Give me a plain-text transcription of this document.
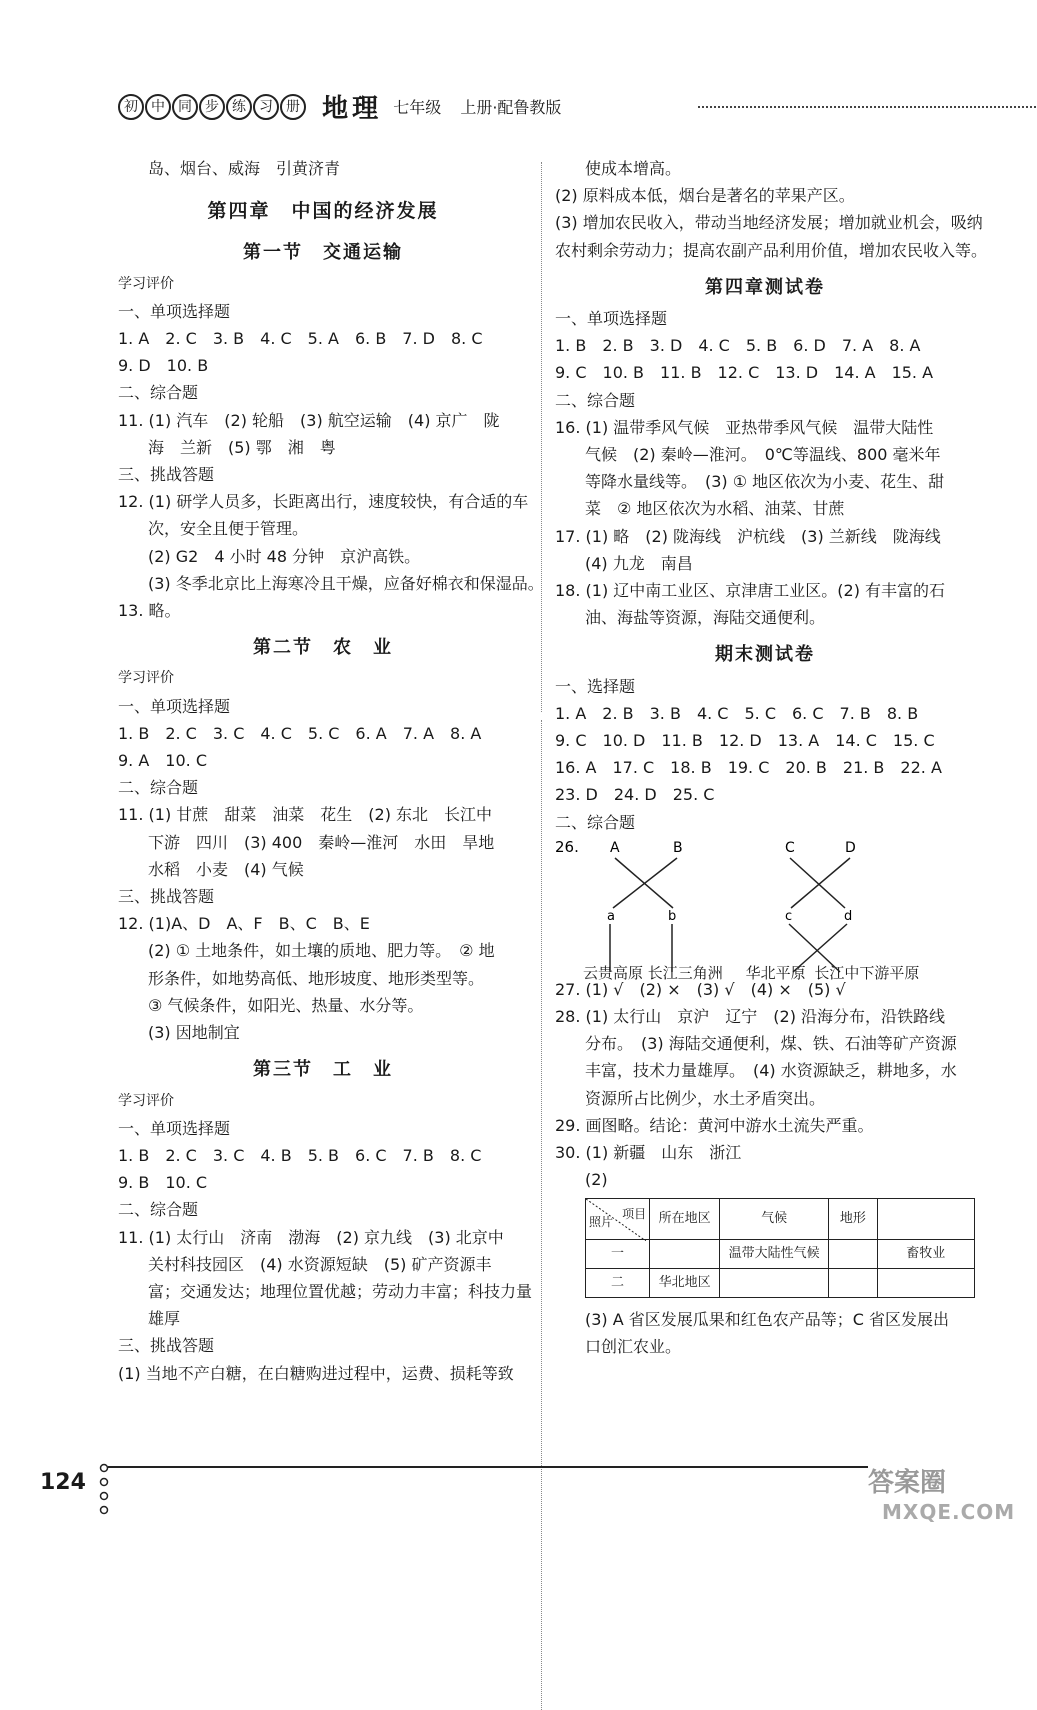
初 中 同 步 练 习 册 地理 七年级 上册·配鲁教版

岛、烟台、威海　引黄济青

第四章　中国的经济发展

第一节　交通运输

学习评价

一、单项选择题

1. A　2. C　3. B　4. C　5. A　6. B　7. D　8. C

9. D　10. B

二、综合题

11. (1) 汽车　(2) 轮船　(3) 航空运输　(4) 京广　陇

海　兰新　(5) 鄂　湘　粤

三、挑战答题

12. (1) 研学人员多，长距离出行，速度较快，有合适的车

次，安全且便于管理。

(2) G2　4 小时 48 分钟　京沪高铁。

(3) 冬季北京比上海寒冷且干燥，应备好棉衣和保湿品。

13. 略。

第二节　农　业

学习评价

一、单项选择题

1. B　2. C　3. C　4. C　5. C　6. A　7. A　8. A

9. A　10. C

二、综合题

11. (1) 甘蔗　甜菜　油菜　花生　(2) 东北　长江中

下游　四川　(3) 400　秦岭—淮河　水田　旱地

水稻　小麦　(4) 气候

三、挑战答题

12. (1)A、D　A、F　B、C　B、E

(2) ① 土地条件，如土壤的质地、肥力等。　② 地

形条件，如地势高低、地形坡度、地形类型等。

③ 气候条件，如阳光、热量、水分等。

(3) 因地制宜

第三节　工　业

学习评价

一、单项选择题

1. B　2. C　3. C　4. B　5. B　6. C　7. B　8. C

9. B　10. C

二、综合题

11. (1) 太行山　济南　渤海　(2) 京九线　(3) 北京中

关村科技园区　(4) 水资源短缺　(5) 矿产资源丰

富；交通发达；地理位置优越；劳动力丰富；科技力量

雄厚

三、挑战答题

(1) 当地不产白糖，在白糖购进过程中，运费、损耗等致

使成本增高。

(2) 原料成本低，烟台是著名的苹果产区。

(3) 增加农民收入，带动当地经济发展；增加就业机会，吸纳

农村剩余劳动力；提高农副产品利用价值，增加农民收入等。

第四章测试卷

一、单项选择题

1. B　2. B　3. D　4. C　5. B　6. D　7. A　8. A

9. C　10. B　11. B　12. C　13. D　14. A　15. A

二、综合题

16. (1) 温带季风气候　亚热带季风气候　温带大陆性

气候　(2) 秦岭—淮河。　0℃等温线、800 毫米年

等降水量线等。　(3) ① 地区依次为小麦、花生、甜

菜　② 地区依次为水稻、油菜、甘蔗

17. (1) 略　(2) 陇海线　沪杭线　(3) 兰新线　陇海线

(4) 九龙　南昌

18. (1) 辽中南工业区、京津唐工业区。(2) 有丰富的石

油、海盐等资源，海陆交通便利。

期末测试卷

一、选择题

1. A　2. B　3. B　4. C　5. C　6. C　7. B　8. B

9. C　10. D　11. B　12. D　13. A　14. C　15. C

16. A　17. C　18. B　19. C　20. B　21. B　22. A

23. D　24. D　25. C

二、综合题

26. A	B	C	D
a	b	c	d
云贵高原 长江三角洲 华北平原 长江中下游平原

27. (1) √　(2) ×　(3) √　(4) ×　(5) √

28. (1) 太行山　京沪　辽宁　(2) 沿海分布，沿铁路线

分布。　(3) 海陆交通便利，煤、铁、石油等矿产资源

丰富，技术力量雄厚。　(4) 水资源缺乏，耕地多，水

资源所占比例少，水土矛盾突出。

29. 画图略。结论：黄河中游水土流失严重。

30. (1) 新疆　山东　浙江

(2)

项目
照片	所在地区	气候	地形	
一		温带大陆性气候		畜牧业
二	华北地区			

(3) A 省区发展瓜果和红色农产品等；C 省区发展出

口创汇农业。

124	答案圈
MXQE.COM
